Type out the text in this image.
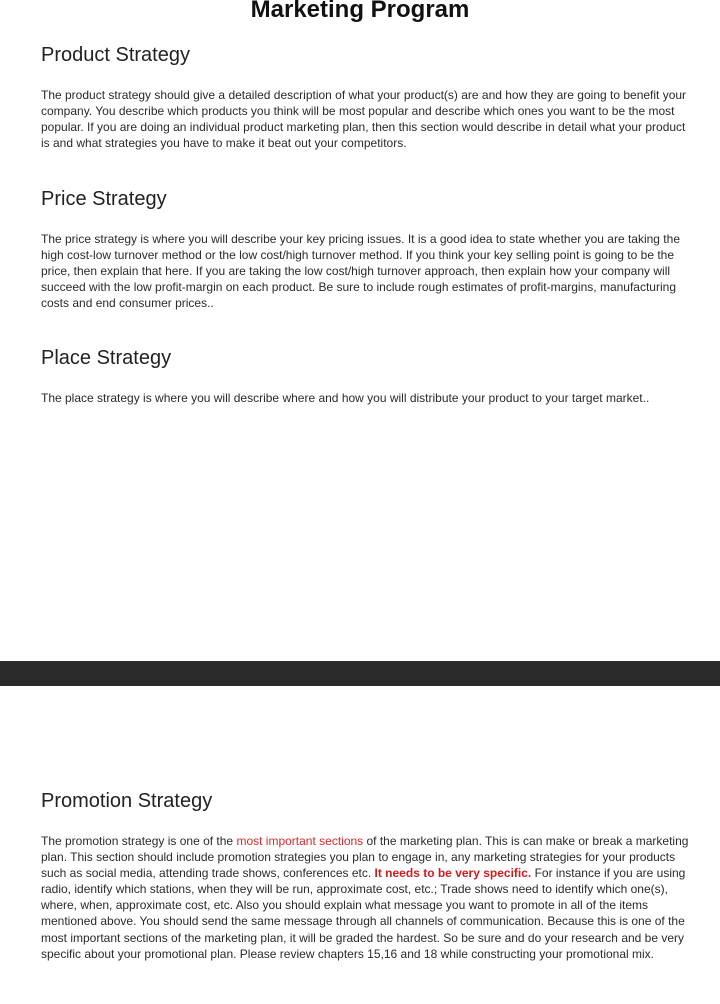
Marketing Program
Product Strategy

The product strategy should give a detailed description of what your product(s) are and how they are going to benefit your company. You describe which products you think will be most popular and describe which ones you want to be the most popular. If you are doing an individual product marketing plan, then this section would describe in detail what your product is and what strategies you have to make it beat out your competitors.

Price Strategy

The price strategy is where you will describe your key pricing issues. It is a good idea to state whether you are taking the high cost-low turnover method or the low cost/high turnover method. If you think your key selling point is going to be the price, then explain that here. If you are taking the low cost/high turnover approach, then explain how your company will succeed with the low profit-margin on each product. Be sure to include rough estimates of profit-margins, manufacturing costs and end consumer prices..

Place Strategy

The place strategy is where you will describe where and how you will distribute your product to your target market..

Promotion Strategy

The promotion strategy is one of the most important sections of the marketing plan. This is can make or break a marketing plan. This section should include promotion strategies you plan to engage in, any marketing strategies for your products such as social media, attending trade shows, conferences etc. It needs to be very specific. For instance if you are using radio, identify which stations, when they will be run, approximate cost, etc.; Trade shows need to identify which one(s), where, when, approximate cost, etc. Also you should explain what message you want to promote in all of the items mentioned above. You should send the same message through all channels of communication. Because this is one of the most important sections of the marketing plan, it will be graded the hardest. So be sure and do your research and be very specific about your promotional plan. Please review chapters 15,16 and 18 while constructing your promotional mix.
